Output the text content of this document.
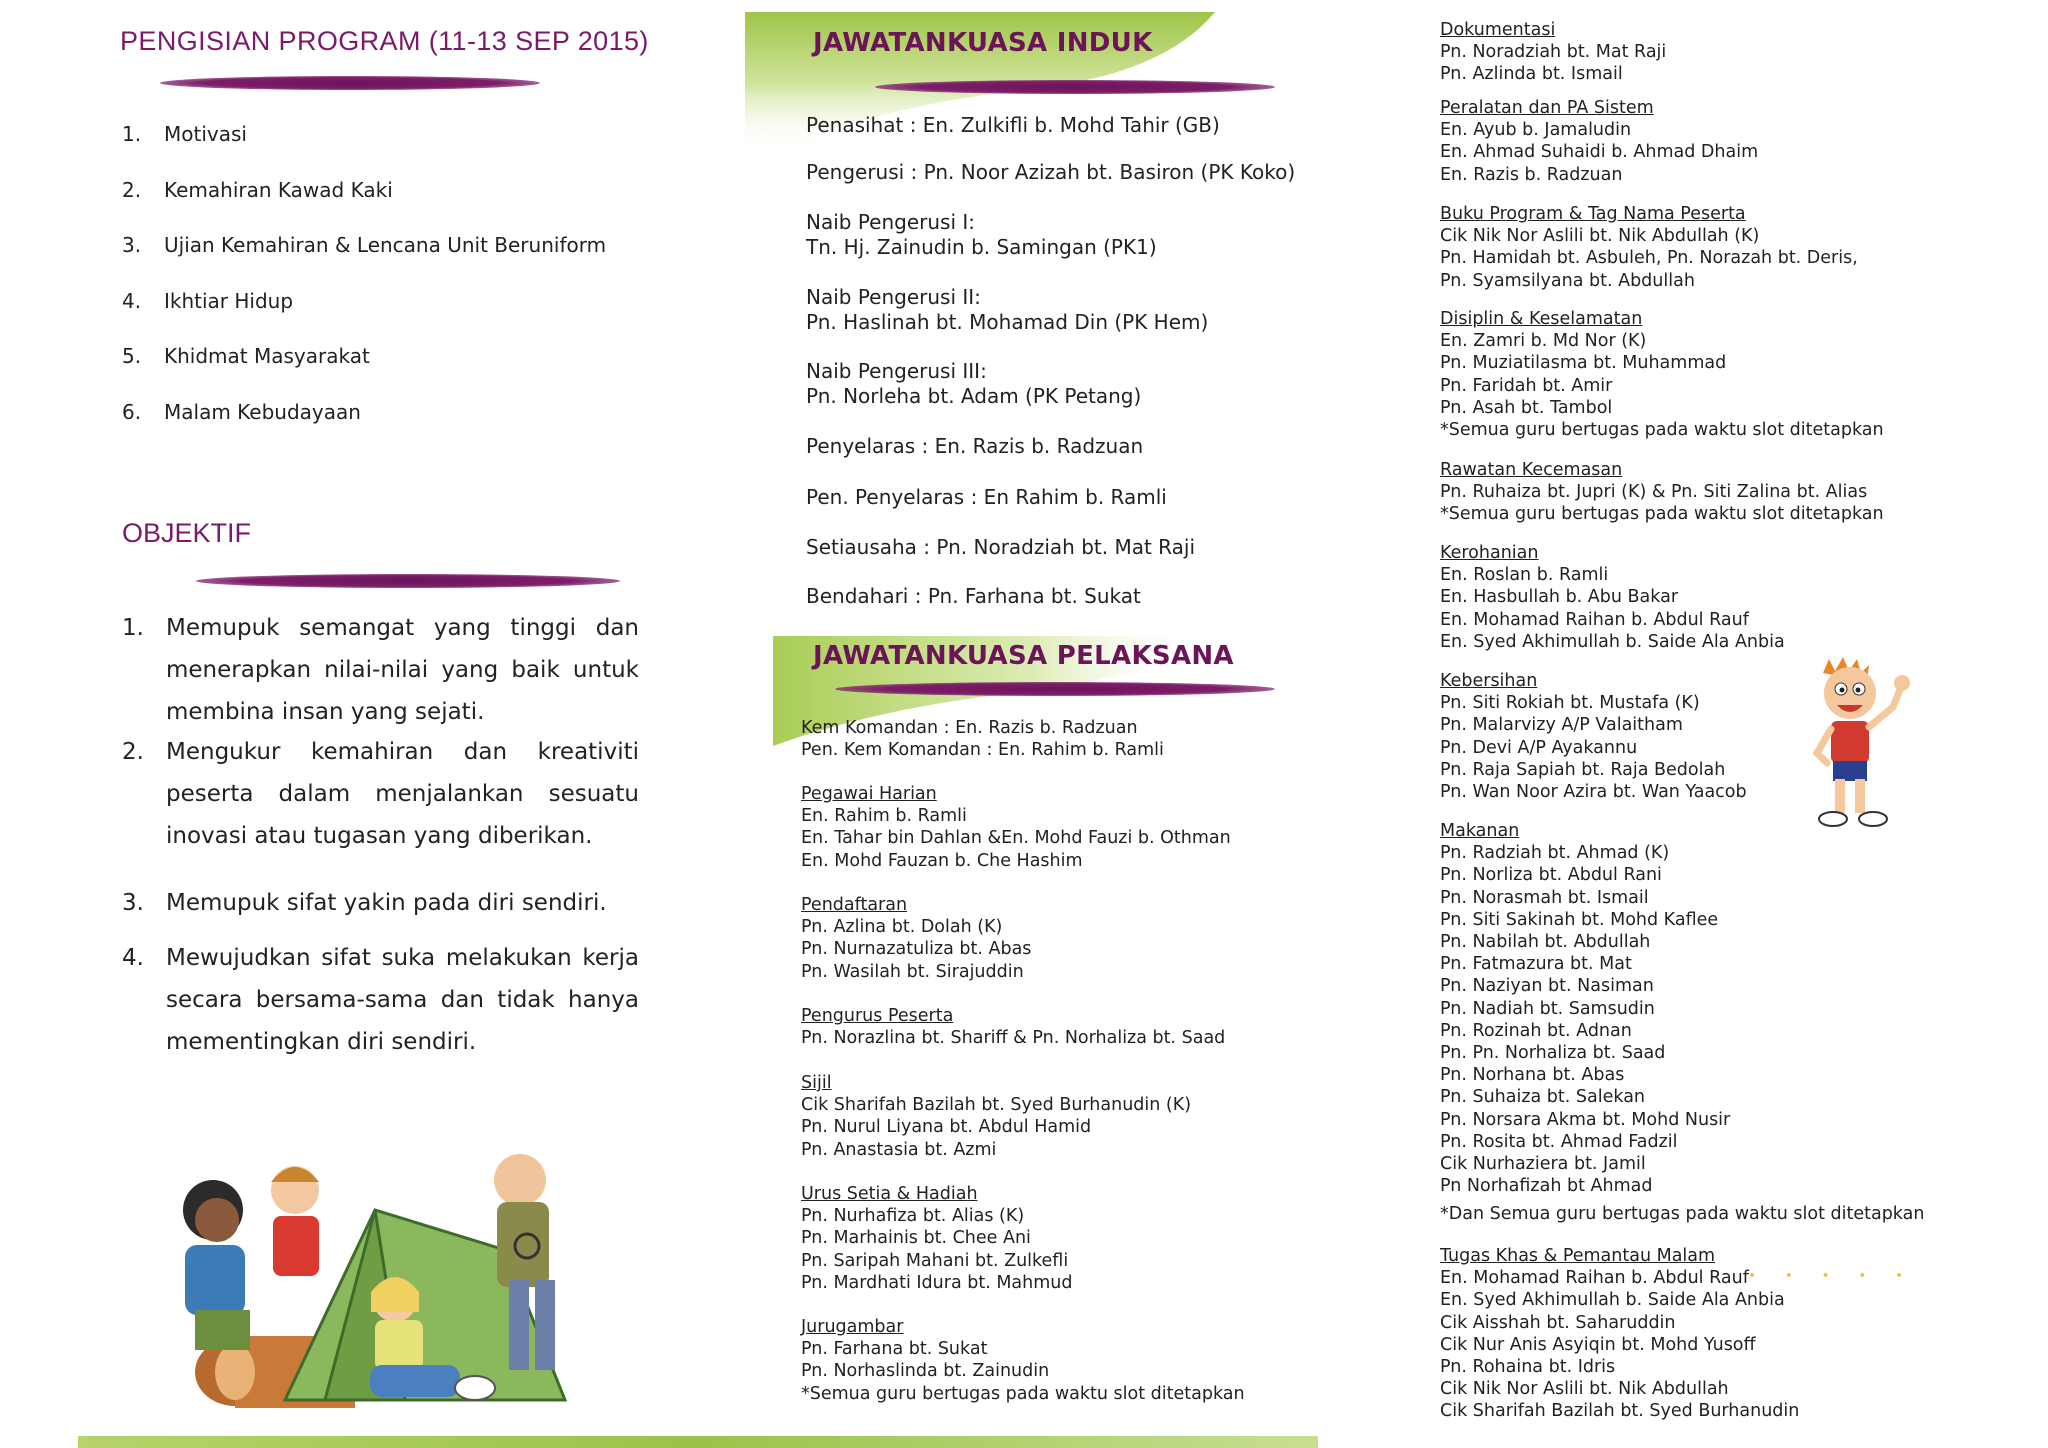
PENGISIAN PROGRAM (11-13 SEP 2015)
1. Motivasi
2. Kemahiran Kawad Kaki
3. Ujian Kemahiran & Lencana Unit Beruniform
4. Ikhtiar Hidup
5. Khidmat Masyarakat
6. Malam Kebudayaan
OBJEKTIF
1. Memupuk semangat yang tinggi dan menerapkan nilai-nilai yang baik untuk membina insan yang sejati.
2. Mengukur kemahiran dan kreativiti peserta dalam menjalankan sesuatu inovasi atau tugasan yang diberikan.
3. Memupuk sifat yakin pada diri sendiri.
4. Mewujudkan sifat suka melakukan kerja secara bersama-sama dan tidak hanya mementingkan diri sendiri.
JAWATANKUASA INDUK
Penasihat : En. Zulkifli b. Mohd Tahir (GB)
Pengerusi : Pn. Noor Azizah bt. Basiron (PK Koko)
Naib Pengerusi I:
Tn. Hj. Zainudin b. Samingan (PK1)
Naib Pengerusi II:
Pn. Haslinah bt. Mohamad Din (PK Hem)
Naib Pengerusi III:
Pn. Norleha bt. Adam (PK Petang)
Penyelaras : En. Razis b. Radzuan
Pen. Penyelaras : En Rahim b. Ramli
Setiausaha : Pn. Noradziah bt. Mat Raji
Bendahari : Pn. Farhana bt. Sukat
JAWATANKUASA PELAKSANA
Kem Komandan : En. Razis b. Radzuan
Pen. Kem Komandan : En. Rahim b. Ramli
Pegawai Harian
En. Rahim b. Ramli
En. Tahar bin Dahlan &En. Mohd Fauzi b. Othman
En. Mohd Fauzan b. Che Hashim
Pendaftaran
Pn. Azlina bt. Dolah (K)
Pn. Nurnazatuliza bt. Abas
Pn. Wasilah bt. Sirajuddin
Pengurus Peserta
Pn. Norazlina bt. Shariff & Pn. Norhaliza bt. Saad
Sijil
Cik Sharifah Bazilah bt. Syed Burhanudin (K)
Pn. Nurul Liyana bt. Abdul Hamid
Pn. Anastasia bt. Azmi
Urus Setia & Hadiah
Pn. Nurhafiza bt. Alias (K)
Pn. Marhainis bt. Chee Ani
Pn. Saripah Mahani bt. Zulkefli
Pn. Mardhati Idura bt. Mahmud
Jurugambar
Pn. Farhana bt. Sukat
Pn. Norhaslinda bt. Zainudin
*Semua guru bertugas pada waktu slot ditetapkan
Dokumentasi
Pn. Noradziah bt. Mat Raji
Pn. Azlinda bt. Ismail
Peralatan dan PA Sistem
En. Ayub b. Jamaludin
En. Ahmad Suhaidi b. Ahmad Dhaim
En. Razis b. Radzuan
Buku Program & Tag Nama Peserta
Cik Nik Nor Aslili bt. Nik Abdullah (K)
Pn. Hamidah bt. Asbuleh, Pn. Norazah bt. Deris,
Pn. Syamsilyana bt. Abdullah
Disiplin & Keselamatan
En. Zamri b. Md Nor (K)
Pn. Muziatilasma bt. Muhammad
Pn. Faridah bt. Amir
Pn. Asah bt. Tambol
*Semua guru bertugas pada waktu slot ditetapkan
Rawatan Kecemasan
Pn. Ruhaiza bt. Jupri (K) & Pn. Siti Zalina bt. Alias
*Semua guru bertugas pada waktu slot ditetapkan
Kerohanian
En. Roslan b. Ramli
En. Hasbullah b. Abu Bakar
En. Mohamad Raihan b. Abdul Rauf
En. Syed Akhimullah b. Saide Ala Anbia
Kebersihan
Pn. Siti Rokiah bt. Mustafa (K)
Pn. Malarvizy A/P Valaitham
Pn. Devi A/P Ayakannu
Pn. Raja Sapiah bt. Raja Bedolah
Pn. Wan Noor Azira bt. Wan Yaacob
Makanan
Pn. Radziah bt. Ahmad (K)
Pn. Norliza bt. Abdul Rani
Pn. Norasmah bt. Ismail
Pn. Siti Sakinah bt. Mohd Kaflee
Pn. Nabilah bt. Abdullah
Pn. Fatmazura bt. Mat
Pn. Naziyan bt. Nasiman
Pn. Nadiah bt. Samsudin
Pn. Rozinah bt. Adnan
Pn. Pn. Norhaliza bt. Saad
Pn. Norhana bt. Abas
Pn. Suhaiza bt. Salekan
Pn. Norsara Akma bt. Mohd Nusir
Pn. Rosita bt. Ahmad Fadzil
Cik Nurhaziera bt. Jamil
Pn Norhafizah bt Ahmad
*Dan Semua guru bertugas pada waktu slot ditetapkan
Tugas Khas & Pemantau Malam
En. Mohamad Raihan b. Abdul Rauf
En. Syed Akhimullah b. Saide Ala Anbia
Cik Aisshah bt. Saharuddin
Cik Nur Anis Asyiqin bt. Mohd Yusoff
Pn. Rohaina bt. Idris
Cik Nik Nor Aslili bt. Nik Abdullah
Cik Sharifah Bazilah bt. Syed Burhanudin
• • • • •
